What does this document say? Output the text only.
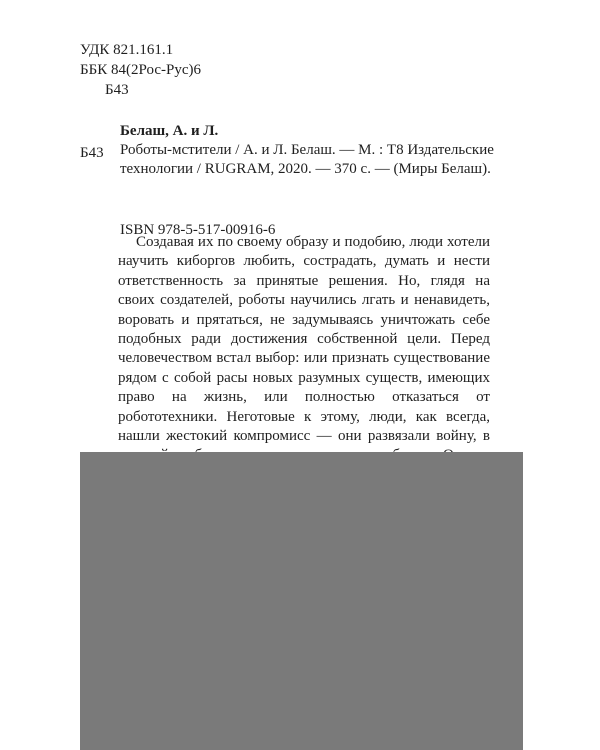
УДК 821.161.1
ББК 84(2Рос-Рус)6
Б43
Б43
Белаш, А. и Л.
Роботы-мстители / А. и Л. Белаш. — М. : Т8 Издательские технологии / RUGRAM, 2020. — 370 с. — (Миры Белаш).
ISBN 978-5-517-00916-6

Создавая их по своему образу и подобию, люди хотели научить киборгов любить, сострадать, думать и нести ответственность за принятые решения. Но, глядя на своих создателей, роботы научились лгать и ненавидеть, воровать и прятаться, не задумываясь уничтожать себе подобных ради достижения собственной цели. Перед человечеством встал выбор: или признать существование рядом с собой расы новых разумных существ, имеющих право на жизнь, или полностью отказаться от робототехники. Неготовые к этому, люди, как всегда, нашли жестокий компромисс — они развязали войну, в
